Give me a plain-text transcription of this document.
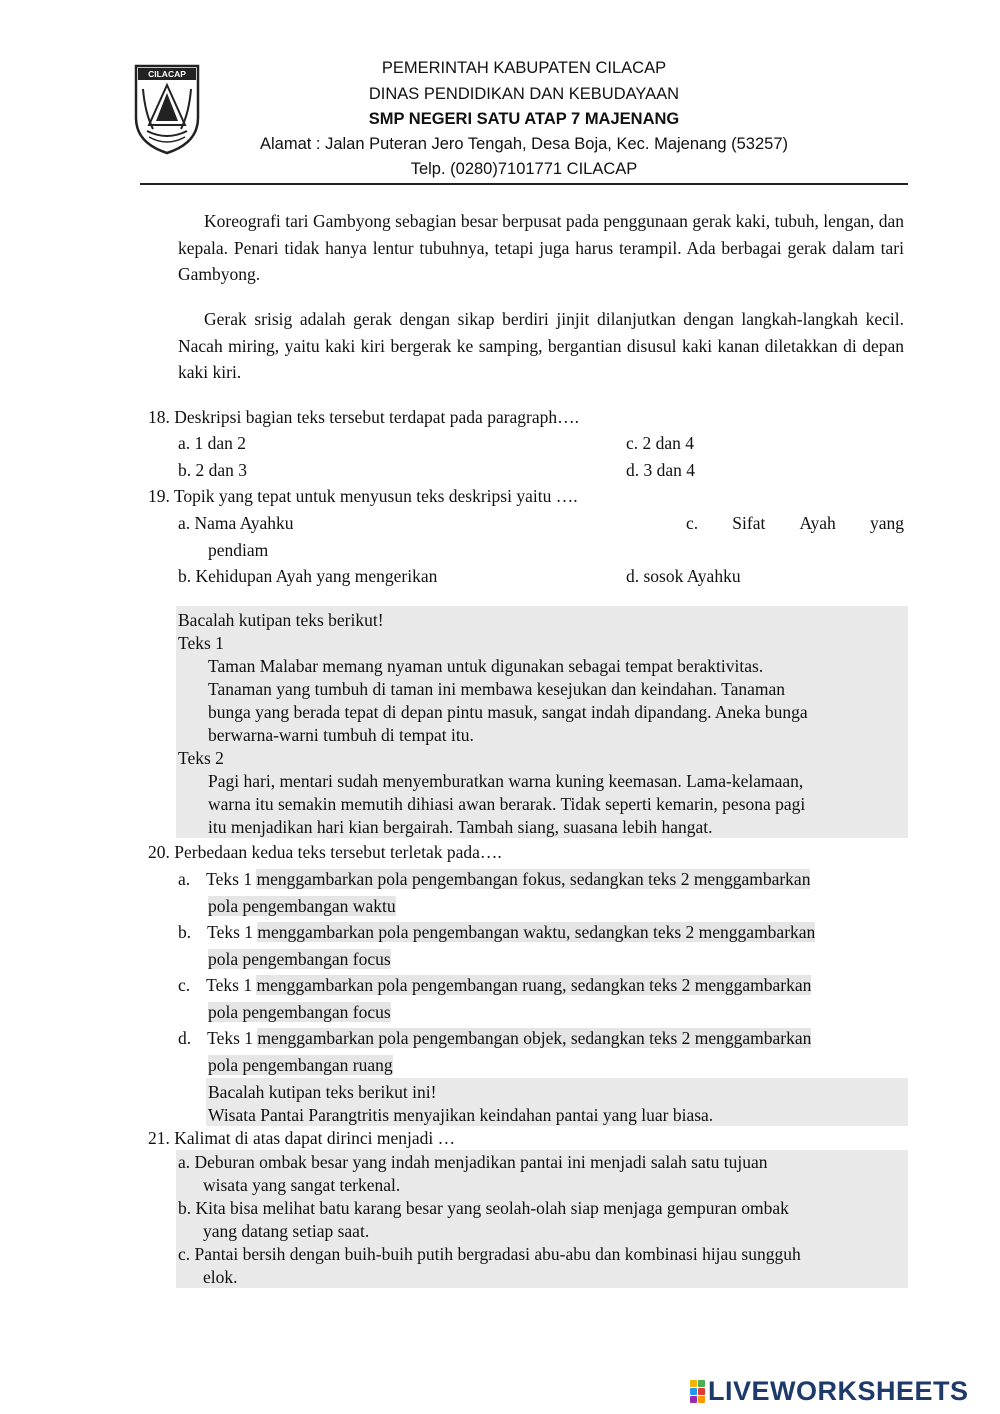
CILACAP	PEMERINTAH KABUPATEN CILACAP
DINAS PENDIDIKAN DAN KEBUDAYAAN
SMP NEGERI SATU ATAP 7 MAJENANG
Alamat : Jalan Puteran Jero Tengah, Desa Boja, Kec. Majenang (53257)
Telp. (0280)7101771 CILACAP
Koreografi tari Gambyong sebagian besar berpusat pada penggunaan gerak kaki, tubuh, lengan, dan kepala. Penari tidak hanya lentur tubuhnya, tetapi juga harus terampil. Ada berbagai gerak dalam tari Gambyong.
Gerak srisig adalah gerak dengan sikap berdiri jinjit dilanjutkan dengan langkah-langkah kecil. Nacah miring, yaitu kaki kiri bergerak ke samping, bergantian disusul kaki kanan diletakkan di depan kaki kiri.
18. Deskripsi bagian teks tersebut terdapat pada paragraph….
a. 1 dan 2	c. 2 dan 4
b. 2 dan 3	d. 3 dan 4
19. Topik yang tepat untuk menyusun teks deskripsi yaitu ….
a. Nama Ayahku	c. Sifat Ayah yang
pendiam
b. Kehidupan Ayah yang mengerikan	d. sosok Ayahku
Bacalah kutipan teks berikut!
Teks 1
Taman Malabar memang nyaman untuk digunakan sebagai tempat beraktivitas.
Tanaman yang tumbuh di taman ini membawa kesejukan dan keindahan. Tanaman
bunga yang berada tepat di depan pintu masuk, sangat indah dipandang. Aneka bunga
berwarna-warni tumbuh di tempat itu.
Teks 2
Pagi hari, mentari sudah menyemburatkan warna kuning keemasan. Lama-kelamaan,
warna itu semakin memutih dihiasi awan berarak. Tidak seperti kemarin, pesona pagi
itu menjadikan hari kian bergairah. Tambah siang, suasana lebih hangat.
20. Perbedaan kedua teks tersebut terletak pada….
a. Teks 1 menggambarkan pola pengembangan fokus, sedangkan teks 2 menggambarkan
pola pengembangan waktu
b. Teks 1 menggambarkan pola pengembangan waktu, sedangkan teks 2 menggambarkan
pola pengembangan focus
c. Teks 1 menggambarkan pola pengembangan ruang, sedangkan teks 2 menggambarkan
pola pengembangan focus
d. Teks 1 menggambarkan pola pengembangan objek, sedangkan teks 2 menggambarkan
pola pengembangan ruang
Bacalah kutipan teks berikut ini!
Wisata Pantai Parangtritis menyajikan keindahan pantai yang luar biasa.
21. Kalimat di atas dapat dirinci menjadi …
a. Deburan ombak besar yang indah menjadikan pantai ini menjadi salah satu tujuan
wisata yang sangat terkenal.
b. Kita bisa melihat batu karang besar yang seolah-olah siap menjaga gempuran ombak
yang datang setiap saat.
c. Pantai bersih dengan buih-buih putih bergradasi abu-abu dan kombinasi hijau sungguh
elok.
LIVEWORKSHEETS
